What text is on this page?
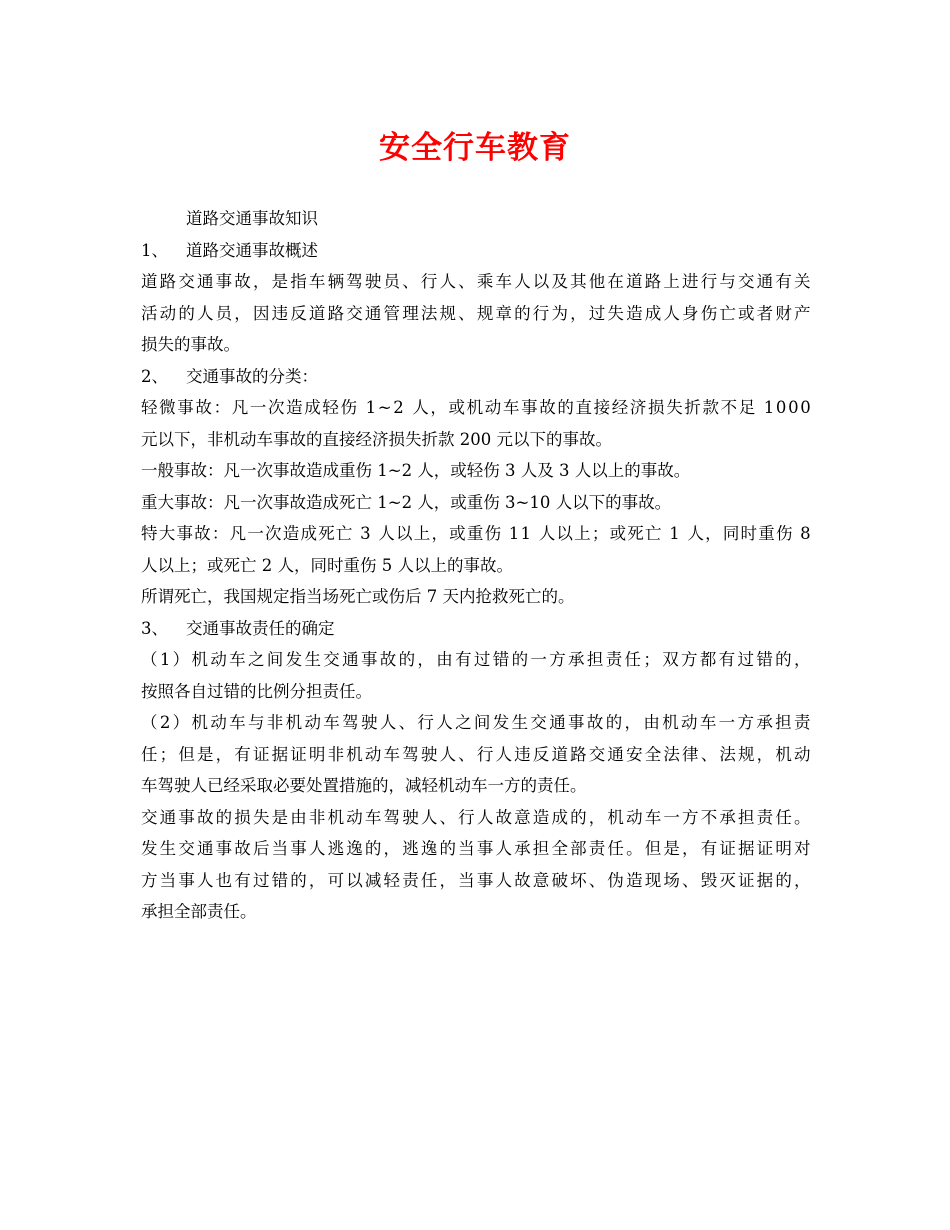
安全行车教育
道路交通事故知识
1、 道路交通事故概述
道 路 交 通 事 故 ， 是 指 车 辆 驾 驶 员 、 行 人 、 乘 车 人 以 及 其 他 在 道 路 上 进 行 与 交 通 有 关
活 动 的 人 员 ， 因 违 反 道 路 交 通 管 理 法 规 、 规 章 的 行 为 ， 过 失 造 成 人 身 伤 亡 或 者 财 产
损失的事故。
2、 交通事故的分类：
轻 微 事 故 ： 凡 一 次 造 成 轻 伤
1 ~ 2
人 ， 或 机 动 车 事 故 的 直 接 经 济 损 失 折 款 不 足
1 0 0 0
元以下，非机动车事故的直接经济损失折款 200 元以下的事故。
一般事故：凡一次事故造成重伤 1~2 人，或轻伤 3 人及 3 人以上的事故。
重大事故：凡一次事故造成死亡 1~2 人，或重伤 3~10 人以下的事故。
特 大 事 故 ： 凡 一 次 造 成 死 亡
3
人 以 上 ， 或 重 伤
1 1
人 以 上 ； 或 死 亡
1
人 ， 同 时 重 伤
8
人以上；或死亡 2 人，同时重伤 5 人以上的事故。
所谓死亡，我国规定指当场死亡或伤后 7 天内抢救死亡的。
3、 交通事故责任的确定
（ 1 ） 机 动 车 之 间 发 生 交 通 事 故 的 ， 由 有 过 错 的 一 方 承 担 责 任 ； 双 方 都 有 过 错 的 ，
按照各自过错的比例分担责任。
（ 2 ） 机 动 车 与 非 机 动 车 驾 驶 人 、 行 人 之 间 发 生 交 通 事 故 的 ， 由 机 动 车 一 方 承 担 责
任 ； 但 是 ， 有 证 据 证 明 非 机 动 车 驾 驶 人 、 行 人 违 反 道 路 交 通 安 全 法 律 、 法 规 ， 机 动
车驾驶人已经采取必要处置措施的，减轻机动车一方的责任。
交 通 事 故 的 损 失 是 由 非 机 动 车 驾 驶 人 、 行 人 故 意 造 成 的 ， 机 动 车 一 方 不 承 担 责 任 。
发 生 交 通 事 故 后 当 事 人 逃 逸 的 ， 逃 逸 的 当 事 人 承 担 全 部 责 任 。 但 是 ， 有 证 据 证 明 对
方 当 事 人 也 有 过 错 的 ， 可 以 减 轻 责 任 ， 当 事 人 故 意 破 坏 、 伪 造 现 场 、 毁 灭 证 据 的 ，
承担全部责任。
